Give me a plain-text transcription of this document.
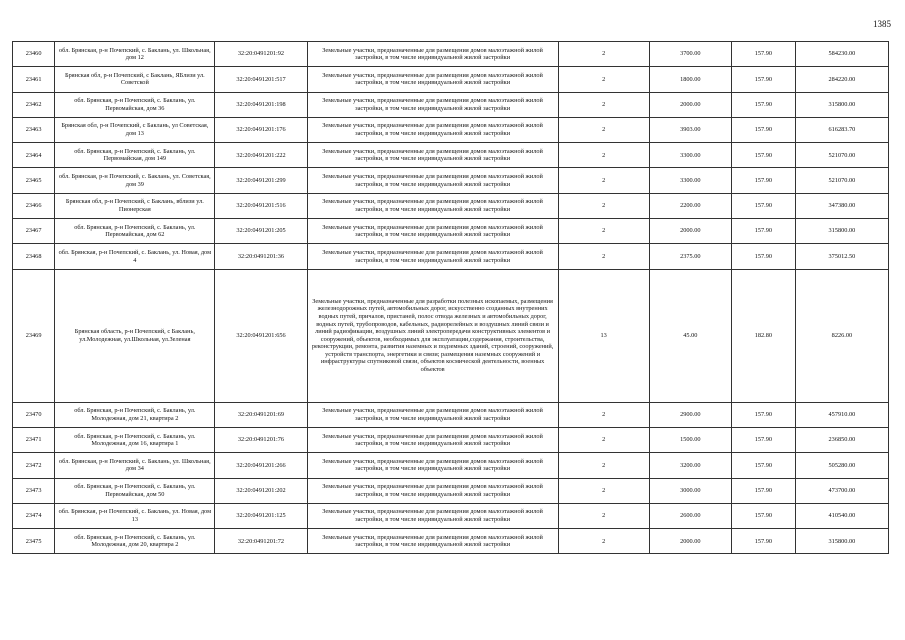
1385
23460	обл. Брянская, р-н Почепский, с. Баклань, ул. Школьная, дом 12	32:20:0491201:92	Земельные участки, предназначенные для размещения домов малоэтажной жилой застройки, в том числе индивидуальной жилой застройки	2	3700.00	157.90	584230.00
23461	Брянская обл, р-н Почепский, с Баклань, ЯБлизи ул. Советской	32:20:0491201:517	Земельные участки, предназначенные для размещения домов малоэтажной жилой застройки, в том числе индивидуальной жилой застройки	2	1800.00	157.90	284220.00
23462	обл. Брянская, р-н Почепский, с. Баклань, ул. Первомайская, дом 36	32:20:0491201:198	Земельные участки, предназначенные для размещения домов малоэтажной жилой застройки, в том числе индивидуальной жилой застройки	2	2000.00	157.90	315800.00
23463	Брянская обл, р-н Почепский, с Баклань, ул Советская, дом 13	32:20:0491201:176	Земельные участки, предназначенные для размещения домов малоэтажной жилой застройки, в том числе индивидуальной жилой застройки	2	3903.00	157.90	616283.70
23464	обл. Брянская, р-н Почепский, с. Баклань, ул. Первомайская, дом 149	32:20:0491201:222	Земельные участки, предназначенные для размещения домов малоэтажной жилой застройки, в том числе индивидуальной жилой застройки	2	3300.00	157.90	521070.00
23465	обл. Брянская, р-н Почепский, с. Баклань, ул. Советская, дом 39	32:20:0491201:299	Земельные участки, предназначенные для размещения домов малоэтажной жилой застройки, в том числе индивидуальной жилой застройки	2	3300.00	157.90	521070.00
23466	Брянская обл, р-н Почепский, с Баклань, вблизи ул. Пионерская	32:20:0491201:516	Земельные участки, предназначенные для размещения домов малоэтажной жилой застройки, в том числе индивидуальной жилой застройки	2	2200.00	157.90	347380.00
23467	обл. Брянская, р-н Почепский, с. Баклань, ул. Первомайская, дом 62	32:20:0491201:205	Земельные участки, предназначенные для размещения домов малоэтажной жилой застройки, в том числе индивидуальной жилой застройки	2	2000.00	157.90	315800.00
23468	обл. Брянская, р-н Почепский, с. Баклань, ул. Новая, дом 4	32:20:0491201:36	Земельные участки, предназначенные для размещения домов малоэтажной жилой застройки, в том числе индивидуальной жилой застройки	2	2375.00	157.90	375012.50
23469	Брянская область, р-н Почепский, с Баклань, ул.Молодежная, ул.Школьная, ул.Зеленая	32:20:0491201:656	Земельные участки, предназначенные для разработки полезных ископаемых, размещения железнодорожных путей, автомобильных дорог, искусственно созданных внутренних водных путей, причалов, пристаней, полос отвода железных и автомобильных дорог, водных путей, трубопроводов, кабельных, радиорелейных и воздушных линий связи и линий радиофикации, воздушных линий электропередачи конструктивных элементов и сооружений, объектов, необходимых для эксплуатации,содержания, строительства, реконструкции, ремонта, развития наземных и подземных зданий, строений, сооружений, устройств транспорта, энергетики и связи; размещения наземных сооружений и инфраструктуры спутниковой связи, объектов космической деятельности, военных объектов	13	45.00	182.80	8226.00
23470	обл. Брянская, р-н Почепский, с. Баклань, ул. Молодежная, дом 21, квартира 2	32:20:0491201:69	Земельные участки, предназначенные для размещения домов малоэтажной жилой застройки, в том числе индивидуальной жилой застройки	2	2900.00	157.90	457910.00
23471	обл. Брянская, р-н Почепский, с. Баклань, ул. Молодежная, дом 16, квартира 1	32:20:0491201:76	Земельные участки, предназначенные для размещения домов малоэтажной жилой застройки, в том числе индивидуальной жилой застройки	2	1500.00	157.90	236850.00
23472	обл. Брянская, р-н Почепский, с. Баклань, ул. Школьная, дом 34	32:20:0491201:266	Земельные участки, предназначенные для размещения домов малоэтажной жилой застройки, в том числе индивидуальной жилой застройки	2	3200.00	157.90	505280.00
23473	обл. Брянская, р-н Почепский, с. Баклань, ул. Первомайская, дом 50	32:20:0491201:202	Земельные участки, предназначенные для размещения домов малоэтажной жилой застройки, в том числе индивидуальной жилой застройки	2	3000.00	157.90	473700.00
23474	обл. Брянская, р-н Почепский, с. Баклань, ул. Новая, дом 13	32:20:0491201:125	Земельные участки, предназначенные для размещения домов малоэтажной жилой застройки, в том числе индивидуальной жилой застройки	2	2600.00	157.90	410540.00
23475	обл. Брянская, р-н Почепский, с. Баклань, ул. Молодежная, дом 20, квартира 2	32:20:0491201:72	Земельные участки, предназначенные для размещения домов малоэтажной жилой застройки, в том числе индивидуальной жилой застройки	2	2000.00	157.90	315800.00
